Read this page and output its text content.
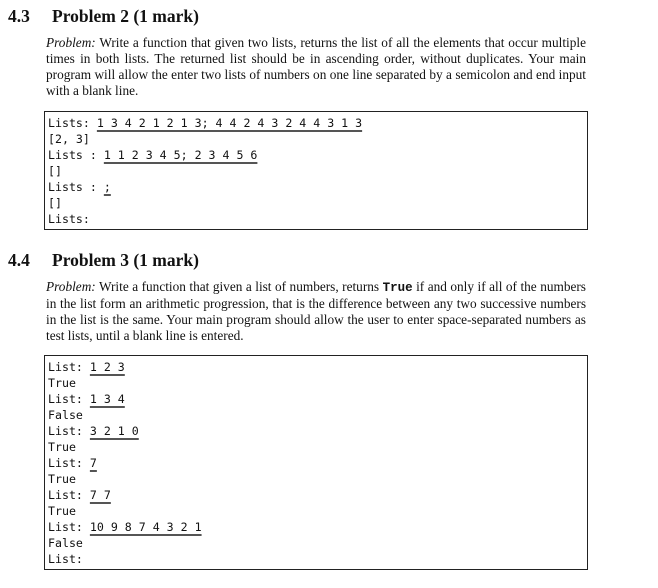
4.3 Problem 2 (1 mark)

Problem: Write a function that given two lists, returns the list of all the elements that occur multiple times in both lists. The returned list should be in ascending order, without duplicates. Your main program will allow the enter two lists of numbers on one line separated by a semicolon and end input with a blank line.

Lists: 1 3 4 2 1 2 1 3; 4 4 2 4 3 2 4 4 3 1 3
[2, 3]
Lists : 1 1 2 3 4 5; 2 3 4 5 6
[]
Lists : ;
[]
Lists:
4.4 Problem 3 (1 mark)

Problem: Write a function that given a list of numbers, returns True if and only if all of the numbers in the list form an arithmetic progression, that is the difference between any two successive numbers in the list is the same. Your main program should allow the user to enter space-separated numbers as test lists, until a blank line is entered.

List: 1 2 3
True
List: 1 3 4
False
List: 3 2 1 0
True
List: 7
True
List: 7 7
True
List: 10 9 8 7 4 3 2 1
False
List:
